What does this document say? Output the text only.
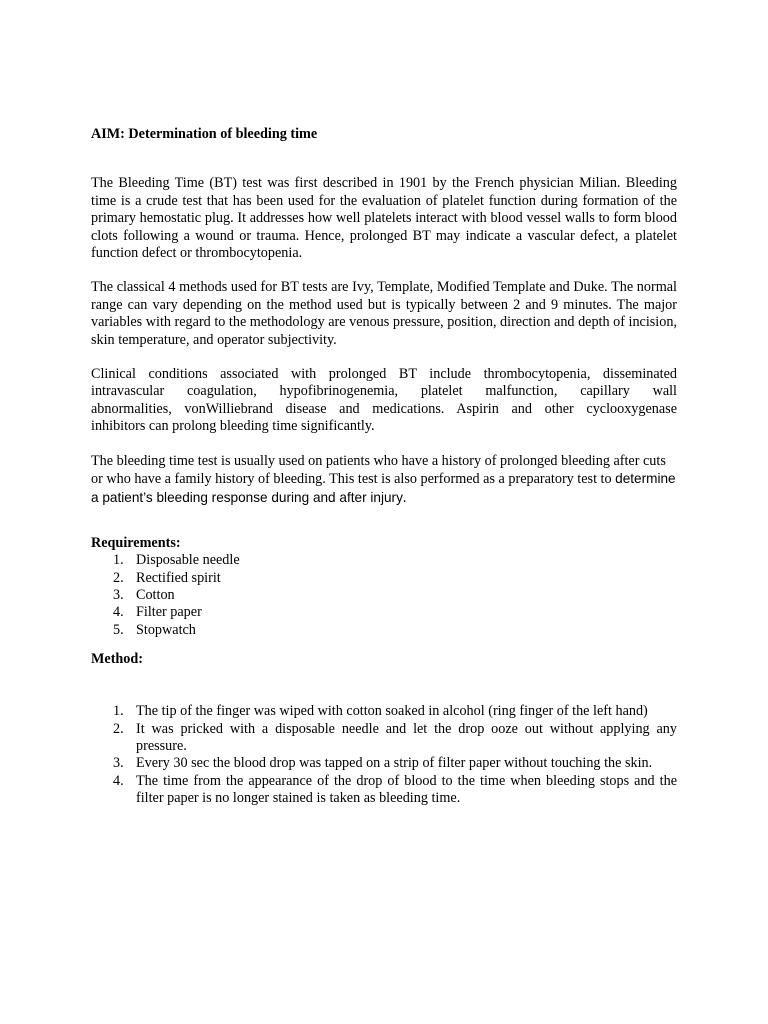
AIM: Determination of bleeding time

The Bleeding Time (BT) test was first described in 1901 by the French physician Milian. Bleeding time is a crude test that has been used for the evaluation of platelet function during formation of the primary hemostatic plug. It addresses how well platelets interact with blood vessel walls to form blood clots following a wound or trauma. Hence, prolonged BT may indicate a vascular defect, a platelet function defect or thrombocytopenia.

The classical 4 methods used for BT tests are Ivy, Template, Modified Template and Duke. The normal range can vary depending on the method used but is typically between 2 and 9 minutes. The major variables with regard to the methodology are venous pressure, position, direction and depth of incision, skin temperature, and operator subjectivity.

Clinical conditions associated with prolonged BT include thrombocytopenia, disseminated
intravascular coagulation, hypofibrinogenemia, platelet malfunction, capillary wall
abnormalities, vonWilliebrand disease and medications. Aspirin and other cyclooxygenase
inhibitors can prolong bleeding time significantly.

The bleeding time test is usually used on patients who have a history of prolonged bleeding after cuts or who have a family history of bleeding. This test is also performed as a preparatory test to determine a patient’s bleeding response during and after injury.

Requirements:

1. Disposable needle
2. Rectified spirit
3. Cotton
4. Filter paper
5. Stopwatch

Method:

1. The tip of the finger was wiped with cotton soaked in alcohol (ring finger of the left hand)
2. It was pricked with a disposable needle and let the drop ooze out without applying any pressure.
3. Every 30 sec the blood drop was tapped on a strip of filter paper without touching the skin.
4. The time from the appearance of the drop of blood to the time when bleeding stops and the filter paper is no longer stained is taken as bleeding time.
